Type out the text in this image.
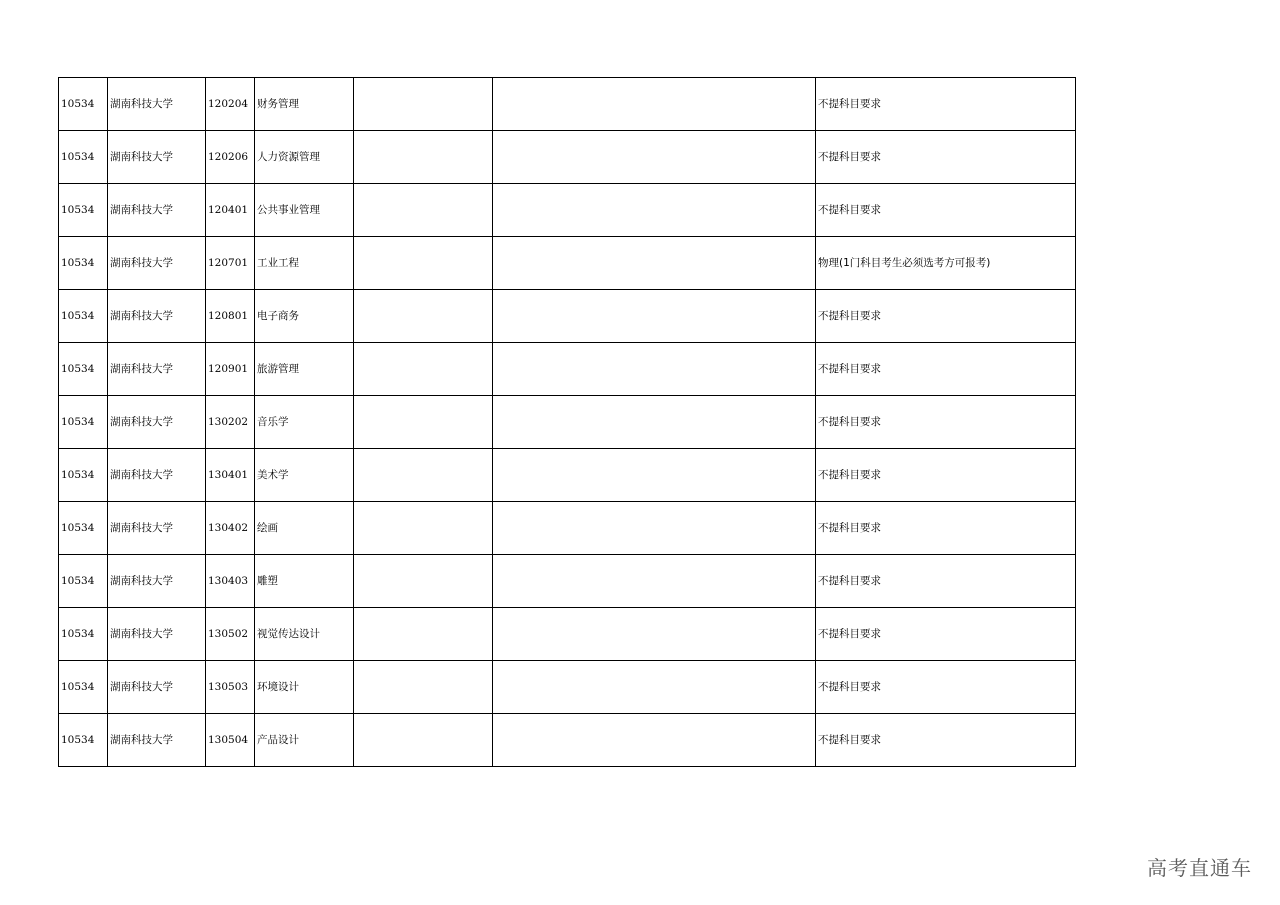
10534	湖南科技大学	120204	财务管理			不提科目要求
10534	湖南科技大学	120206	人力资源管理			不提科目要求
10534	湖南科技大学	120401	公共事业管理			不提科目要求
10534	湖南科技大学	120701	工业工程			物理(1门科目考生必须选考方可报考)
10534	湖南科技大学	120801	电子商务			不提科目要求
10534	湖南科技大学	120901	旅游管理			不提科目要求
10534	湖南科技大学	130202	音乐学			不提科目要求
10534	湖南科技大学	130401	美术学			不提科目要求
10534	湖南科技大学	130402	绘画			不提科目要求
10534	湖南科技大学	130403	雕塑			不提科目要求
10534	湖南科技大学	130502	视觉传达设计			不提科目要求
10534	湖南科技大学	130503	环境设计			不提科目要求
10534	湖南科技大学	130504	产品设计			不提科目要求
高考直通车
